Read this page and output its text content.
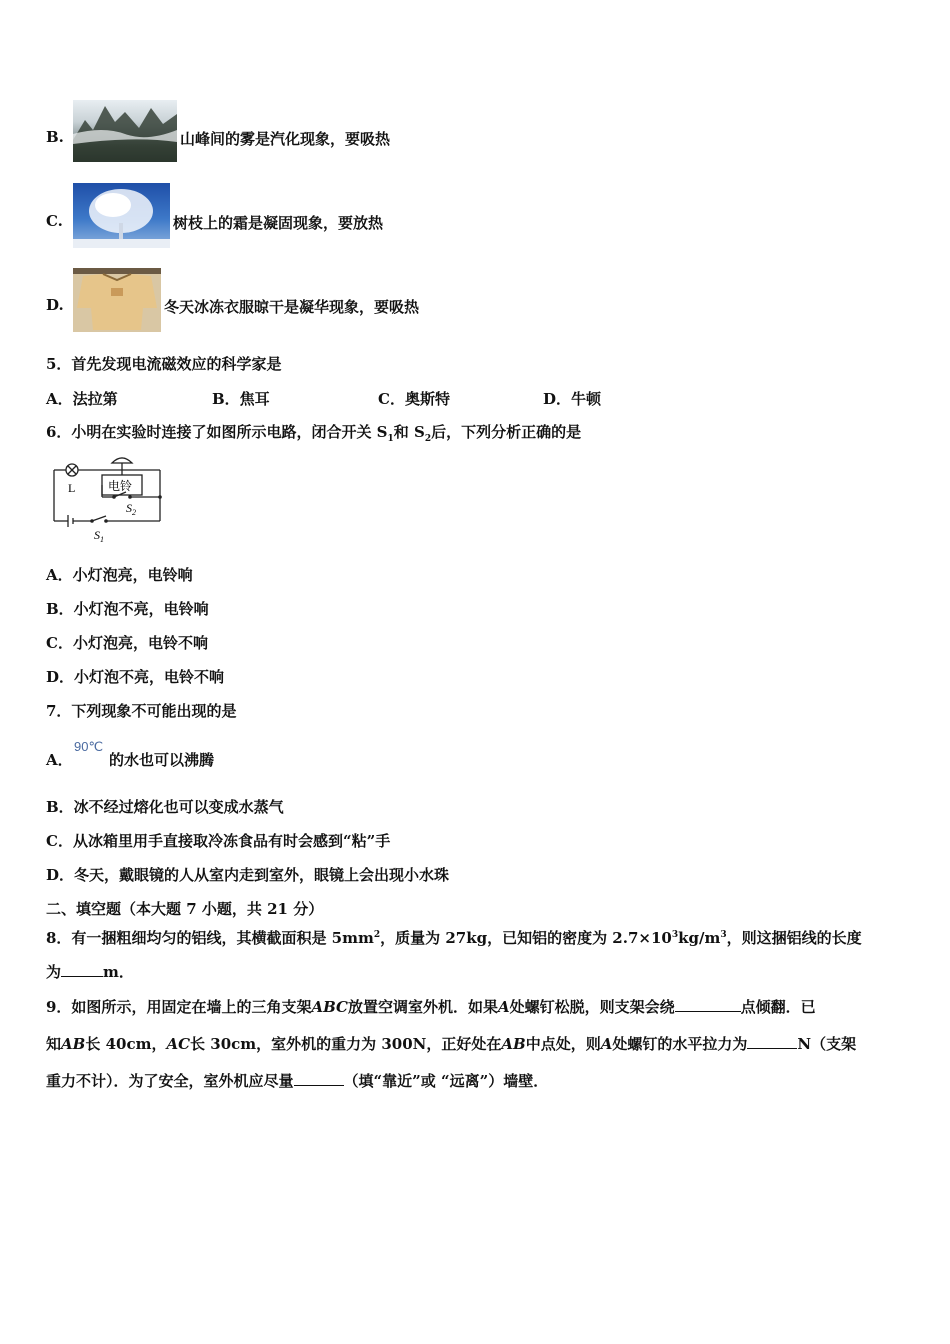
B.	山峰间的雾是汽化现象，要吸热
C.	树枝上的霜是凝固现象，要放热
D.	冬天冰冻衣服晾干是凝华现象，要吸热
5．首先发现电流磁效应的科学家是
A．法拉第	B．焦耳	C．奥斯特	D．牛顿
6．小明在实验时连接了如图所示电路，闭合开关 $S_1$和 $S_2$后，下列分析正确的是
L	电铃
$S_2$
$S_1$
A．小灯泡亮，电铃响
B．小灯泡不亮，电铃响
C．小灯泡亮，电铃不响
D．小灯泡不亮，电铃不响
7．下列现象不可能出现的是
A．
90℃
的水也可以沸腾
B．冰不经过熔化也可以变成水蒸气
C．从冰箱里用手直接取冷冻食品有时会感到“粘”手
D．冬天，戴眼镜的人从室内走到室外，眼镜上会出现小水珠
二、填空题（本大题 7 小题，共 21 分）
8．有一捆粗细均匀的铝线，其横截面积是 $5mm^2$，质量为 27kg，已知铝的密度为 $2.7\times 10^3kg/m^3$，则这捆铝线的长度
为	m．
9．如图所示，用固定在墙上的三角支架ABC放置空调室外机．如果A处螺钉松脱，则支架会绕	点倾翻．已
知AB长 40cm，AC长 30cm，室外机的重力为 300N，正好处在AB中点处，则A处螺钉的水平拉力为	N（支架
重力不计）．为了安全，室外机应尽量	（填“靠近”或 “远离”）墙壁．
